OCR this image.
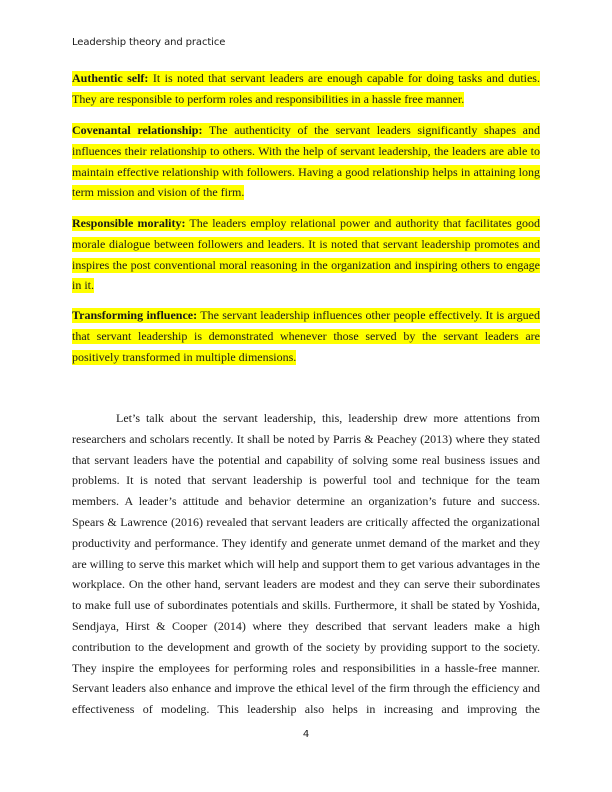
Leadership theory and practice
Authentic self: It is noted that servant leaders are enough capable for doing tasks and duties.
They are responsible to perform roles and responsibilities in a hassle free manner.
Covenantal relationship: The authenticity of the servant leaders significantly shapes and
influences their relationship to others. With the help of servant leadership, the leaders are able to
maintain effective relationship with followers. Having a good relationship helps in attaining long
term mission and vision of the firm.
Responsible morality: The leaders employ relational power and authority that facilitates good
morale dialogue between followers and leaders. It is noted that servant leadership promotes and
inspires the post conventional moral reasoning in the organization and inspiring others to engage
in it.
Transforming influence: The servant leadership influences other people effectively. It is argued
that servant leadership is demonstrated whenever those served by the servant leaders are
positively transformed in multiple dimensions.
Let’s talk about the servant leadership, this, leadership drew more attentions from
researchers and scholars recently. It shall be noted by Parris & Peachey (2013) where they stated
that servant leaders have the potential and capability of solving some real business issues and
problems. It is noted that servant leadership is powerful tool and technique for the team
members. A leader’s attitude and behavior determine an organization’s future and success.
Spears & Lawrence (2016) revealed that servant leaders are critically affected the organizational
productivity and performance. They identify and generate unmet demand of the market and they
are willing to serve this market which will help and support them to get various advantages in the
workplace. On the other hand, servant leaders are modest and they can serve their subordinates
to make full use of subordinates potentials and skills. Furthermore, it shall be stated by Yoshida,
Sendjaya, Hirst & Cooper (2014) where they described that servant leaders make a high
contribution to the development and growth of the society by providing support to the society.
They inspire the employees for performing roles and responsibilities in a hassle-free manner.
Servant leaders also enhance and improve the ethical level of the firm through the efficiency and
effectiveness of modeling. This leadership also helps in increasing and improving the
4
